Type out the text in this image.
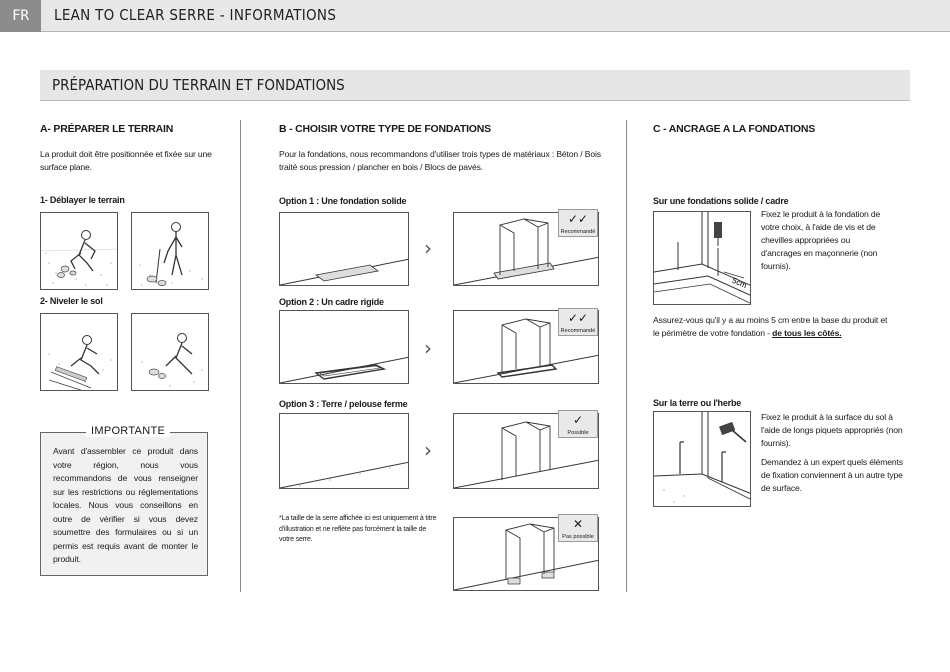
FR	LEAN TO CLEAR SERRE - INFORMATIONS
PRÉPARATION DU TERRAIN ET FONDATIONS
A- PRÉPARER LE TERRAIN
La produit doit être positionnée et fixée sur une surface plane.
1- Déblayer le terrain
2- Niveler le sol
IMPORTANTE
Avant d'assembler ce produit dans votre région, nous vous recommandons de vous renseigner sur les restrictions ou réglementations locales. Nous vous conseillons en outre de vérifier si vous devez soumettre des formulaires ou si un permis est requis avant de monter le produit.
B - CHOISIR VOTRE TYPE DE FONDATIONS
Pour la fondations, nous recommandons d'utiliser trois types de matériaux : Béton / Bois traité sous pression / plancher en bois / Blocs de pavés.
Option 1 : Une fondation solide
›
✓✓
Recommandé
Option 2 : Un cadre rigide
›
✓✓
Recommandé
Option 3 : Terre / pelouse ferme
›
✓
Possible
*La taille de la serre affichée ici est uniquement à titre d'illustration et ne reflète pas forcément la taille de votre serre.
✕
Pas possible
C - ANCRAGE A LA FONDATIONS
Sur une fondations solide / cadre
5cm
Fixez le produit à la fondation de votre choix, à l'aide de vis et de chevilles appropriées ou d'ancrages en maçonnerie (non fournis).
Assurez-vous qu'il y a au moins 5 cm entre la base du produit et le périmètre de votre fondation - de tous les côtés.
Sur la terre ou l'herbe
Fixez le produit à la surface du sol à l'aide de longs piquets appropriés (non fournis).
Demandez à un expert quels éléments de fixation conviennent à un autre type de surface.
